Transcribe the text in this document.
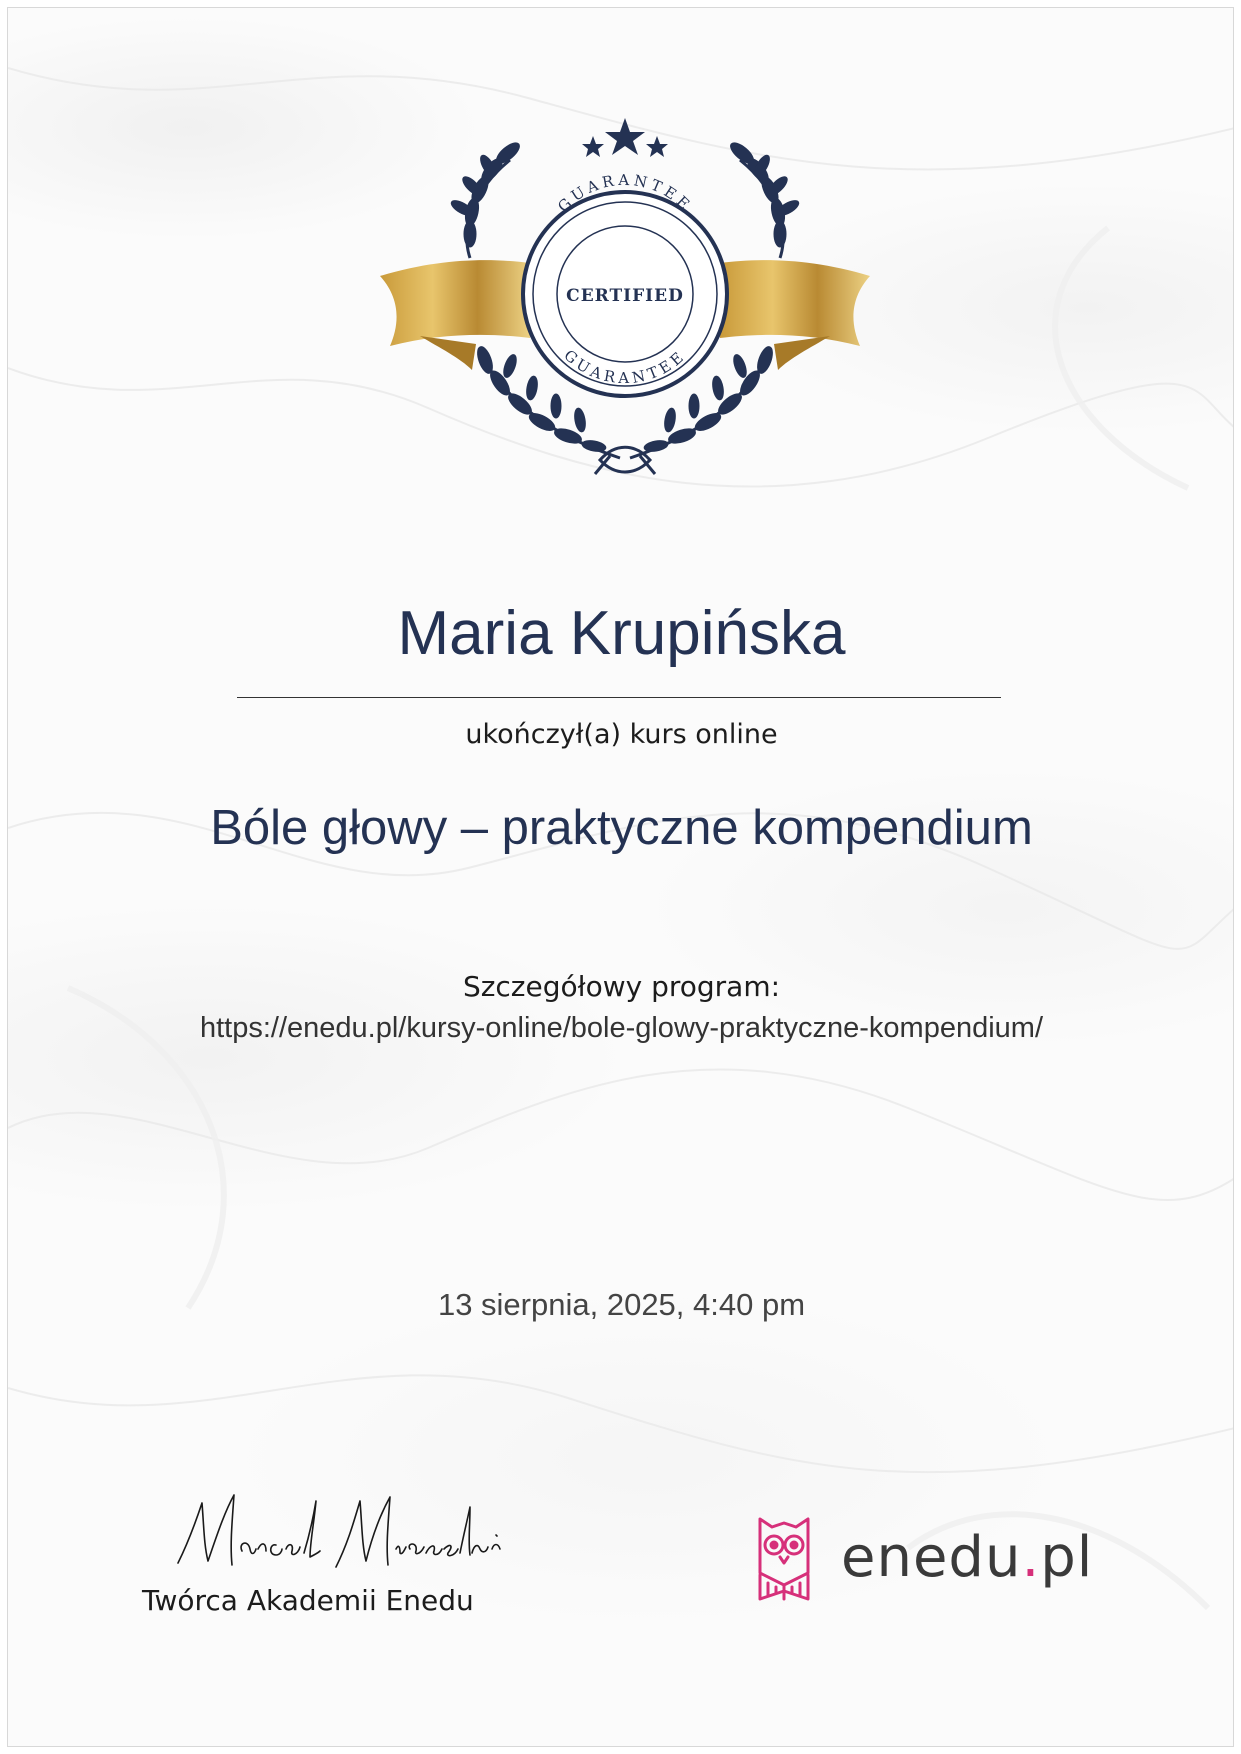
GUARANTEE
GUARANTEE
CERTIFIED
Maria Krupińska
ukończył(a) kurs online
Bóle głowy – praktyczne kompendium
Szczegółowy program:
https://enedu.pl/kursy-online/bole-glowy-praktyczne-kompendium/
13 sierpnia, 2025, 4:40 pm
Twórca Akademii Enedu
enedu.pl
